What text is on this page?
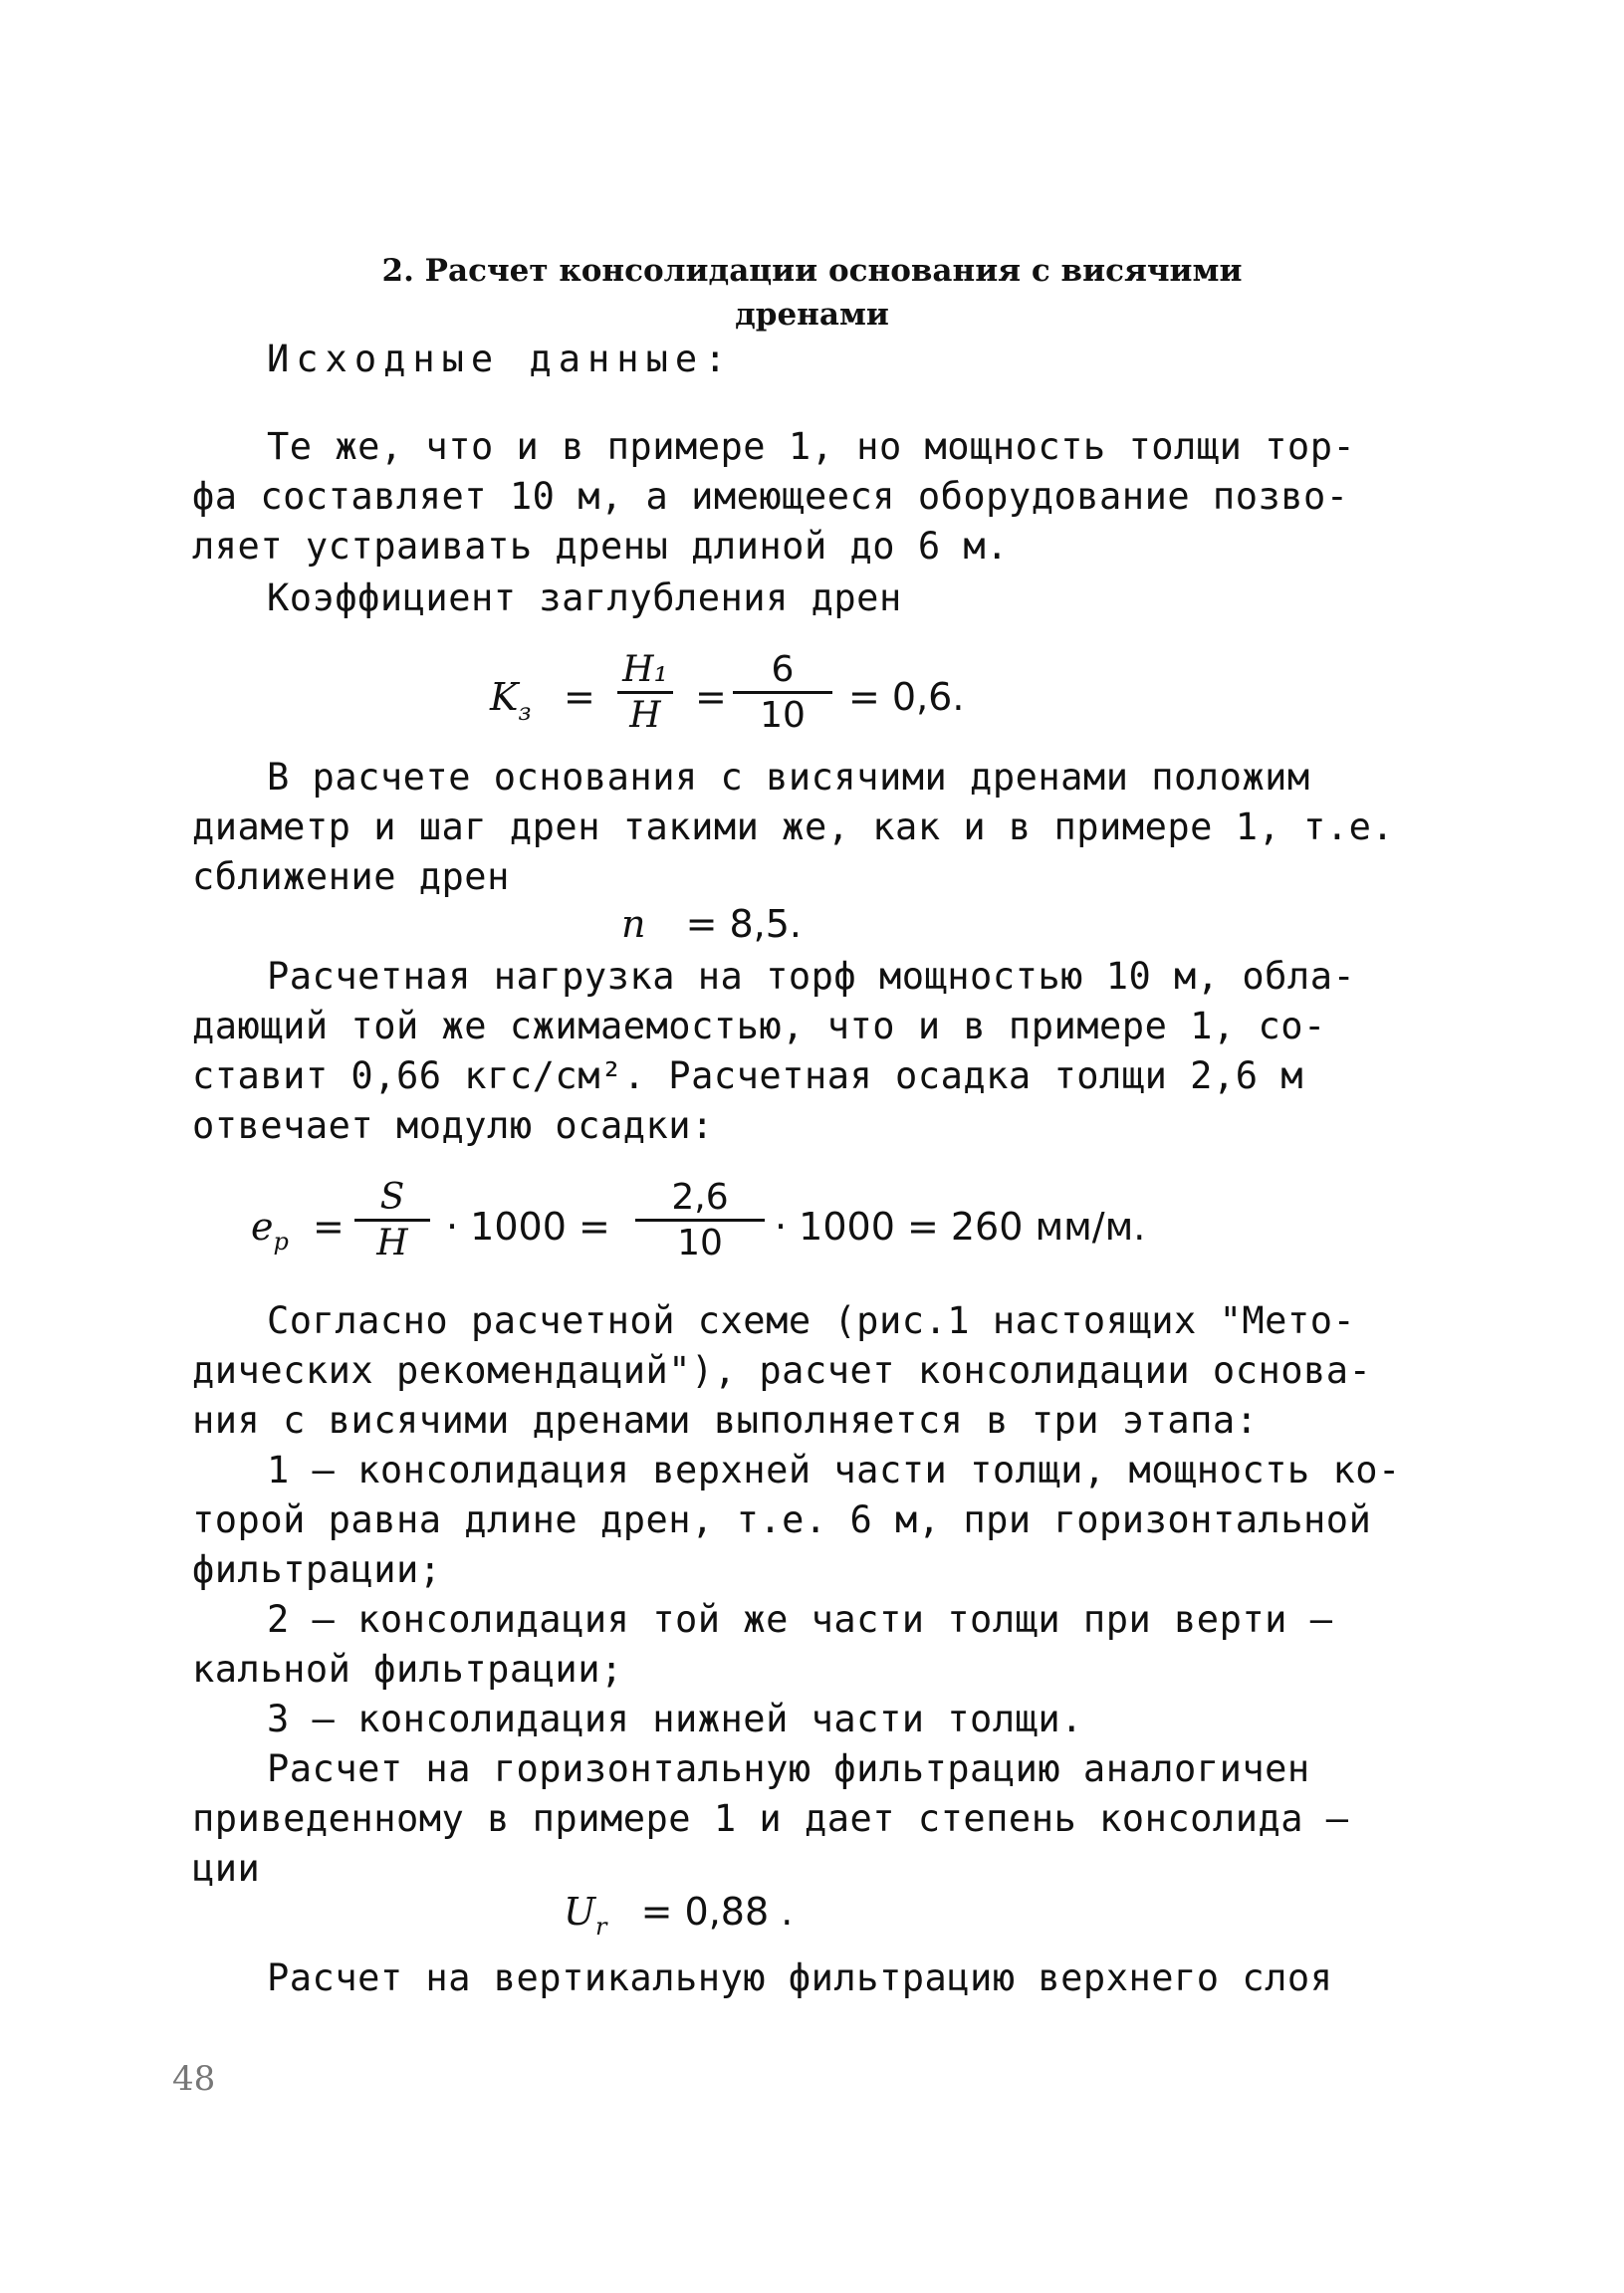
2. Расчет консолидации основания с висячими
дренами
Исходные данные:
Те же, что и в примере 1, но мощность толщи тор-
фа составляет 10 м, а имеющееся оборудование позво-
ляет устраивать дрены длиной до 6 м.
Коэффициент заглубления дрен
$K_з$ =
H₁
H =
6
10	= 0,6.
В расчете основания с висячими дренами положим
диаметр и шаг дрен такими же, как и в примере 1, т.е.
сближение дрен
n = 8,5.
Расчетная нагрузка на торф мощностью 10 м, обла-
дающий той же сжимаемостью, что и в примере 1, со-
ставит 0,66 кгс/см². Расчетная осадка толщи 2,6 м
отвечает модулю осадки:
$e_p$ =
S
H	· 1000 =
2,6
10	· 1000 = 260 мм/м.
Согласно расчетной схеме (рис.1 настоящих "Мето-
дических рекомендаций"), расчет консолидации основа-
ния с висячими дренами выполняется в три этапа:
1 – консолидация верхней части толщи, мощность ко-
торой равна длине дрен, т.е. 6 м, при горизонтальной
фильтрации;
2 – консолидация той же части толщи при верти –
кальной фильтрации;
3 – консолидация нижней части толщи.
Расчет на горизонтальную фильтрацию аналогичен
приведенному в примере 1 и дает степень консолида –
ции
$U_r = 0,88$ .
Расчет на вертикальную фильтрацию верхнего слоя
48
